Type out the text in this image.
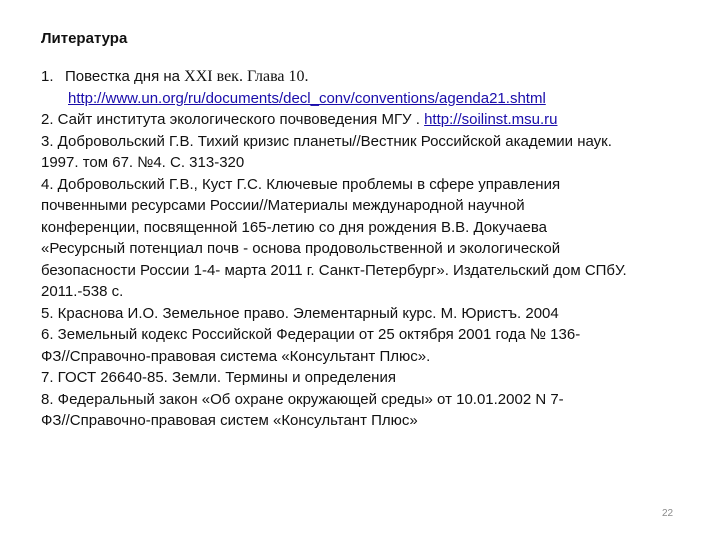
Литература
1. Повестка дня на XXI век. Глава 10.
http://www.un.org/ru/documents/decl_conv/conventions/agenda21.shtml
2. Сайт института экологического почвоведения МГУ . http://soilinst.msu.ru
3. Добровольский Г.В. Тихий кризис планеты//Вестник Российской академии наук.
1997. том 67. №4. С. 313-320
4. Добровольский Г.В., Куст Г.С. Ключевые проблемы в сфере управления
почвенными ресурсами России//Материалы международной научной
конференции, посвященной 165-летию со дня рождения В.В. Докучаева
«Ресурсный потенциал почв - основа продовольственной и экологической
безопасности России 1-4- марта 2011 г. Санкт-Петербург». Издательский дом СПбУ.
2011.-538 с.
5. Краснова И.О. Земельное право. Элементарный курс. М. Юристъ. 2004
6. Земельный кодекс Российской Федерации от 25 октября 2001 года № 136-
ФЗ//Справочно-правовая система «Консультант Плюс».
7. ГОСТ 26640-85. Земли. Термины и определения
8. Федеральный закон «Об охране окружающей среды» от 10.01.2002 N 7-
ФЗ//Справочно-правовая систем «Консультант Плюс»
22
